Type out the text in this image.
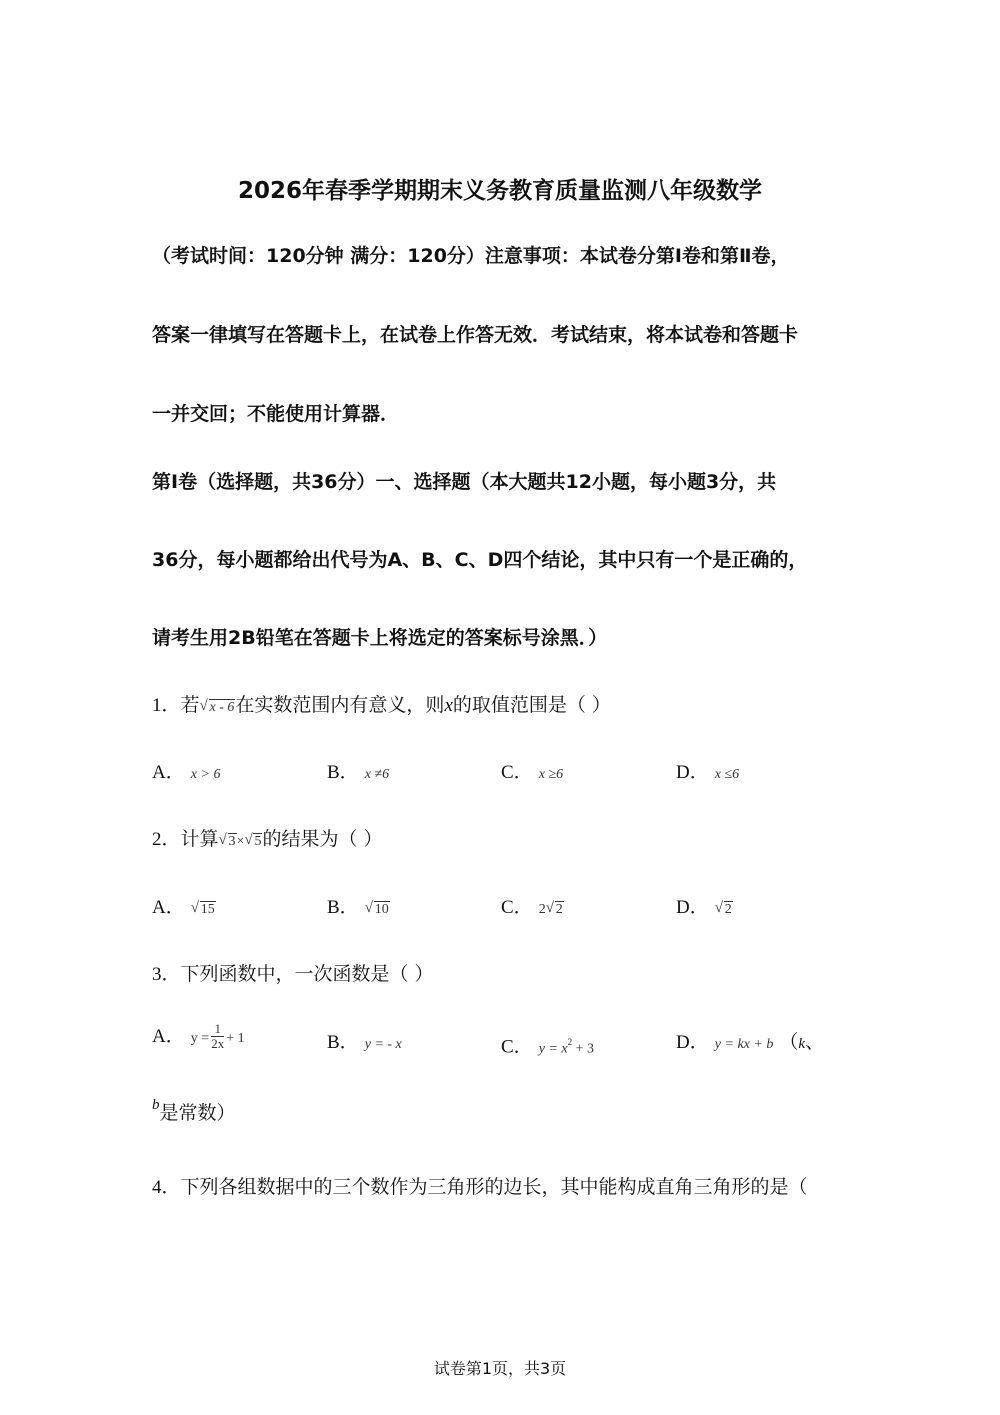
2026年春季学期期末义务教育质量监测八年级数学
（考试时间：120分钟 满分：120分）注意事项：本试卷分第Ⅰ卷和第Ⅱ卷，
答案一律填写在答题卡上，在试卷上作答无效．考试结束，将本试卷和答题卡
一并交回；不能使用计算器．
第Ⅰ卷（选择题，共36分）一、选择题（本大题共12小题，每小题3分，共
36分，每小题都给出代号为A、B、C、D四个结论，其中只有一个是正确的，
请考生用2B铅笔在答题卡上将选定的答案标号涂黑．）
1．若 √ x - 6在实数范围内有意义，则x的取值范围是（ ）
A． x > 6	B． x ≠6	C． x ≥6	D． x ≤6
2．计算 √ 3× √ 5的结果为（ ）
A． √ 15	B． √ 10	C． 2 √ 2	D． √ 2
3．下列函数中，一次函数是（ ）
A． $y = \frac{1}{2x} + 1$	B． y = - x	C． $y = x^2 + 3$	D． y = kx + b （k、
$^b$是常数）
4．下列各组数据中的三个数作为三角形的边长，其中能构成直角三角形的是（
试卷第1页，共3页
